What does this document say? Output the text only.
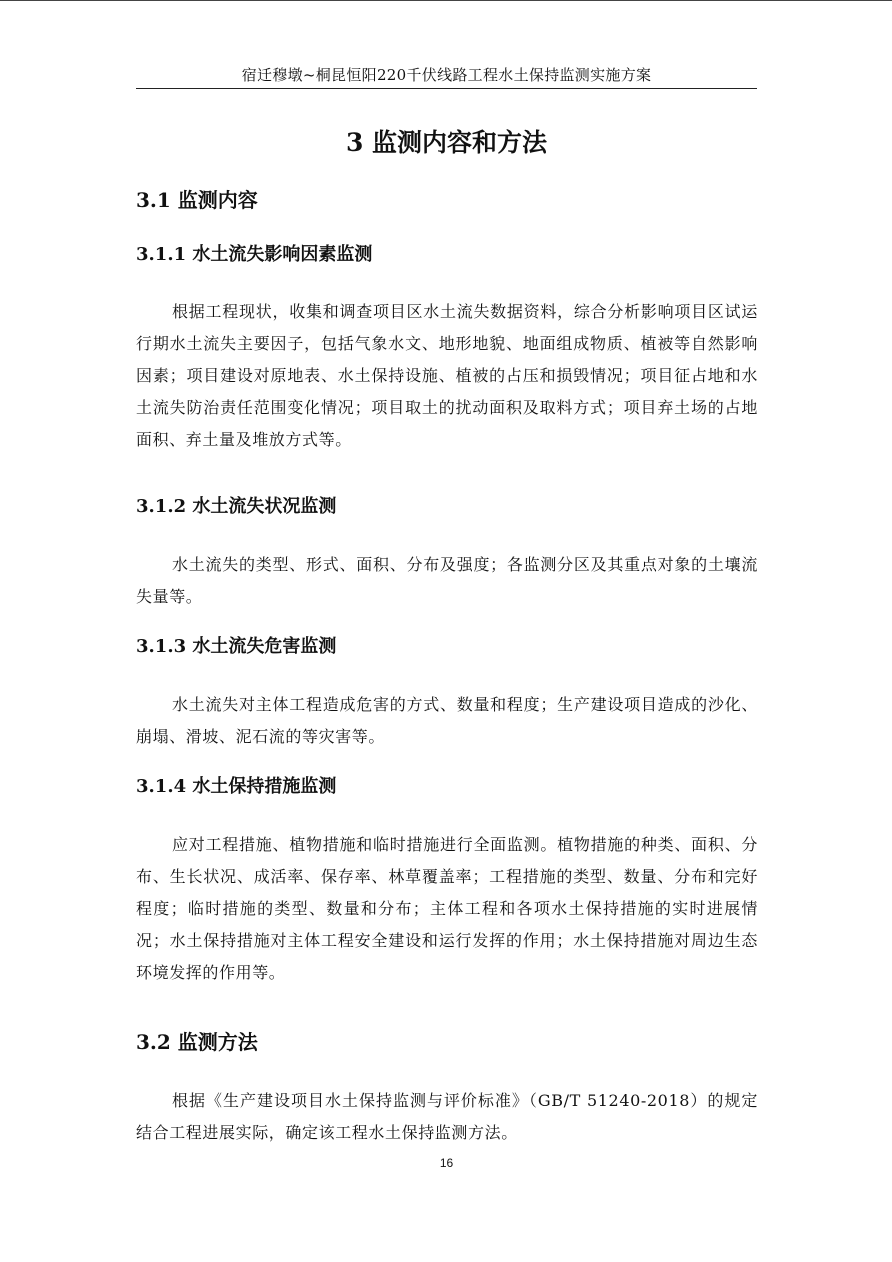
宿迁穆墩~桐昆恒阳220千伏线路工程水土保持监测实施方案
3 监测内容和方法
3.1 监测内容
3.1.1 水土流失影响因素监测
根据工程现状，收集和调查项目区水土流失数据资料，综合分析影响项目区试运行期水土流失主要因子，包括气象水文、地形地貌、地面组成物质、植被等自然影响因素；项目建设对原地表、水土保持设施、植被的占压和损毁情况；项目征占地和水土流失防治责任范围变化情况；项目取土的扰动面积及取料方式；项目弃土场的占地面积、弃土量及堆放方式等。
3.1.2 水土流失状况监测
水土流失的类型、形式、面积、分布及强度；各监测分区及其重点对象的土壤流失量等。
3.1.3 水土流失危害监测
水土流失对主体工程造成危害的方式、数量和程度；生产建设项目造成的沙化、崩塌、滑坡、泥石流的等灾害等。
3.1.4 水土保持措施监测
应对工程措施、植物措施和临时措施进行全面监测。植物措施的种类、面积、分布、生长状况、成活率、保存率、林草覆盖率；工程措施的类型、数量、分布和完好程度；临时措施的类型、数量和分布；主体工程和各项水土保持措施的实时进展情况；水土保持措施对主体工程安全建设和运行发挥的作用；水土保持措施对周边生态环境发挥的作用等。
3.2 监测方法
根据《生产建设项目水土保持监测与评价标准》（GB/T 51240-2018）的规定结合工程进展实际，确定该工程水土保持监测方法。
16
